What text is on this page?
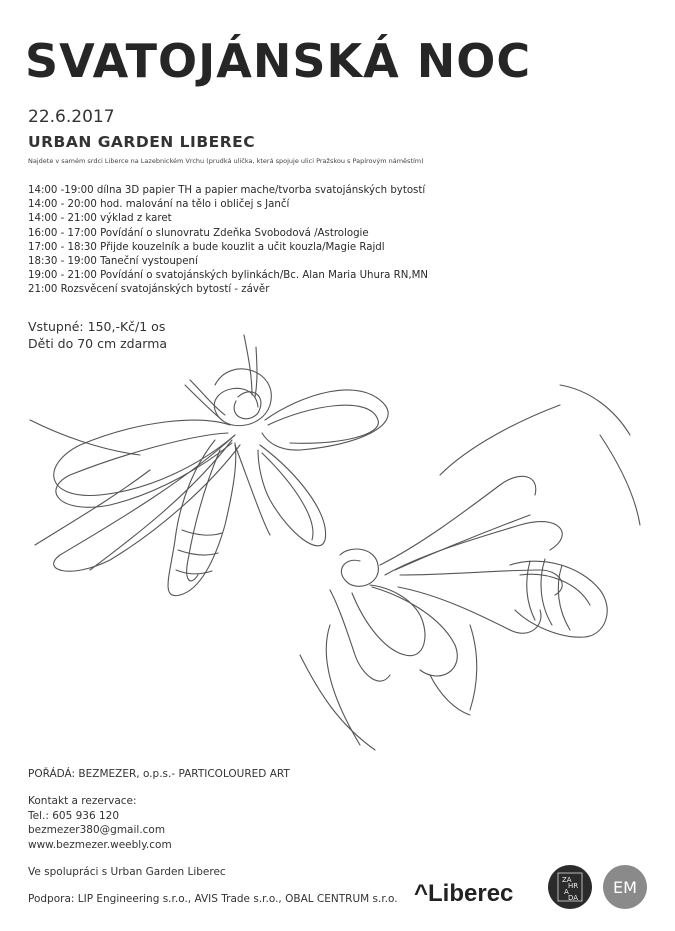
SVATOJÁNSKÁ NOC
22.6.2017
URBAN GARDEN LIBEREC
Najdete v samém srdci Liberce na Lazebnickém Vrchu (prudká ulička, která spojuje ulici Pražskou s Papírovým náměstím)
14:00 -19:00 dílna 3D papier TH a papier mache/tvorba svatojánských bytostí
14:00 - 20:00 hod. malování na tělo i obličej s Jančí
14:00 - 21:00 výklad z karet
16:00 - 17:00 Povídání o slunovratu Zdeňka Svobodová /Astrologie
17:00 - 18:30 Přijde kouzelník a bude kouzlit a učit kouzla/Magie Rajdl
18:30 - 19:00 Taneční vystoupení
19:00 - 21:00 Povídání o svatojánských bylinkách/Bc. Alan Maria Uhura RN,MN
21:00 Rozsvěcení svatojánských bytostí - závěr
Vstupné: 150,-Kč/1 os
Děti do 70 cm zdarma
POŘÁDÁ: BEZMEZER, o.p.s.- PARTICOLOURED ART
Kontakt a rezervace:
Tel.: 605 936 120
bezmezer380@gmail.com
www.bezmezer.weebly.com
Ve spolupráci s Urban Garden Liberec
Podpora: LIP Engineering s.r.o., AVIS Trade s.r.o., OBAL CENTRUM s.r.o. ^Liberec	ZA
HR
A
DA
EM
